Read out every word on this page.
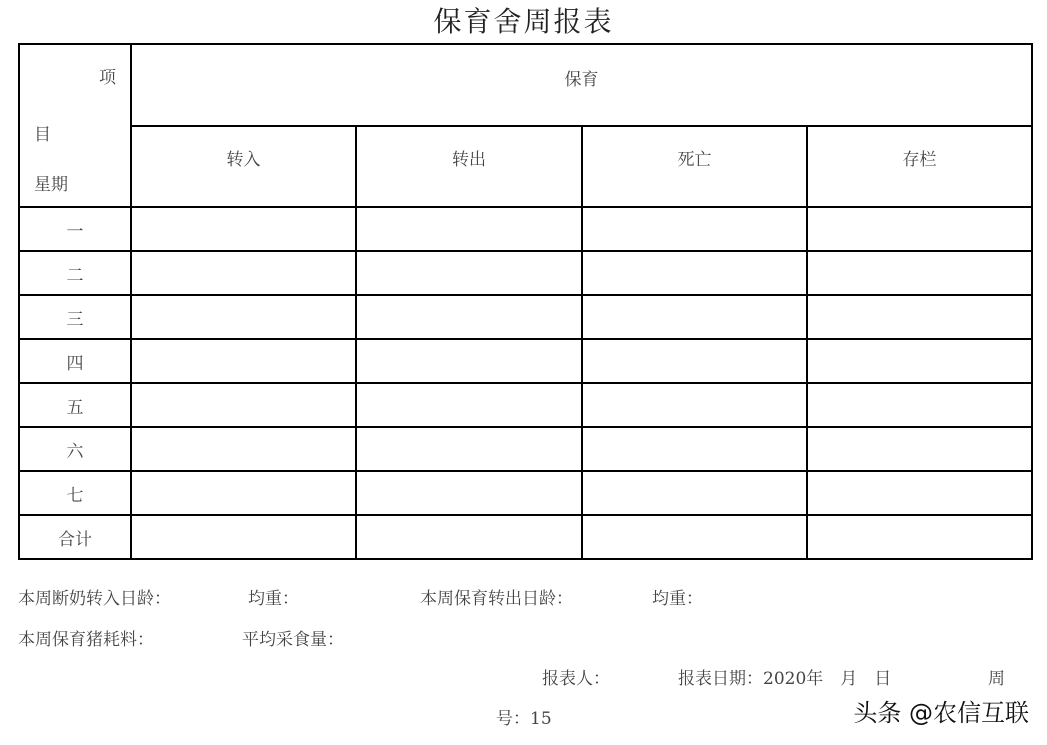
保育舍周报表
项
目
星期	保育			

	转入	转出	死亡	存栏

一				
二				
三				
四				
五				
六				
七				
合计				
本周断奶转入日龄：	均重：	本周保育转出日龄：	均重：
本周保育猪耗料：	平均采食量：
报表人：	报表日期：2020年　月　日	周
号：15	头条 @农信互联
